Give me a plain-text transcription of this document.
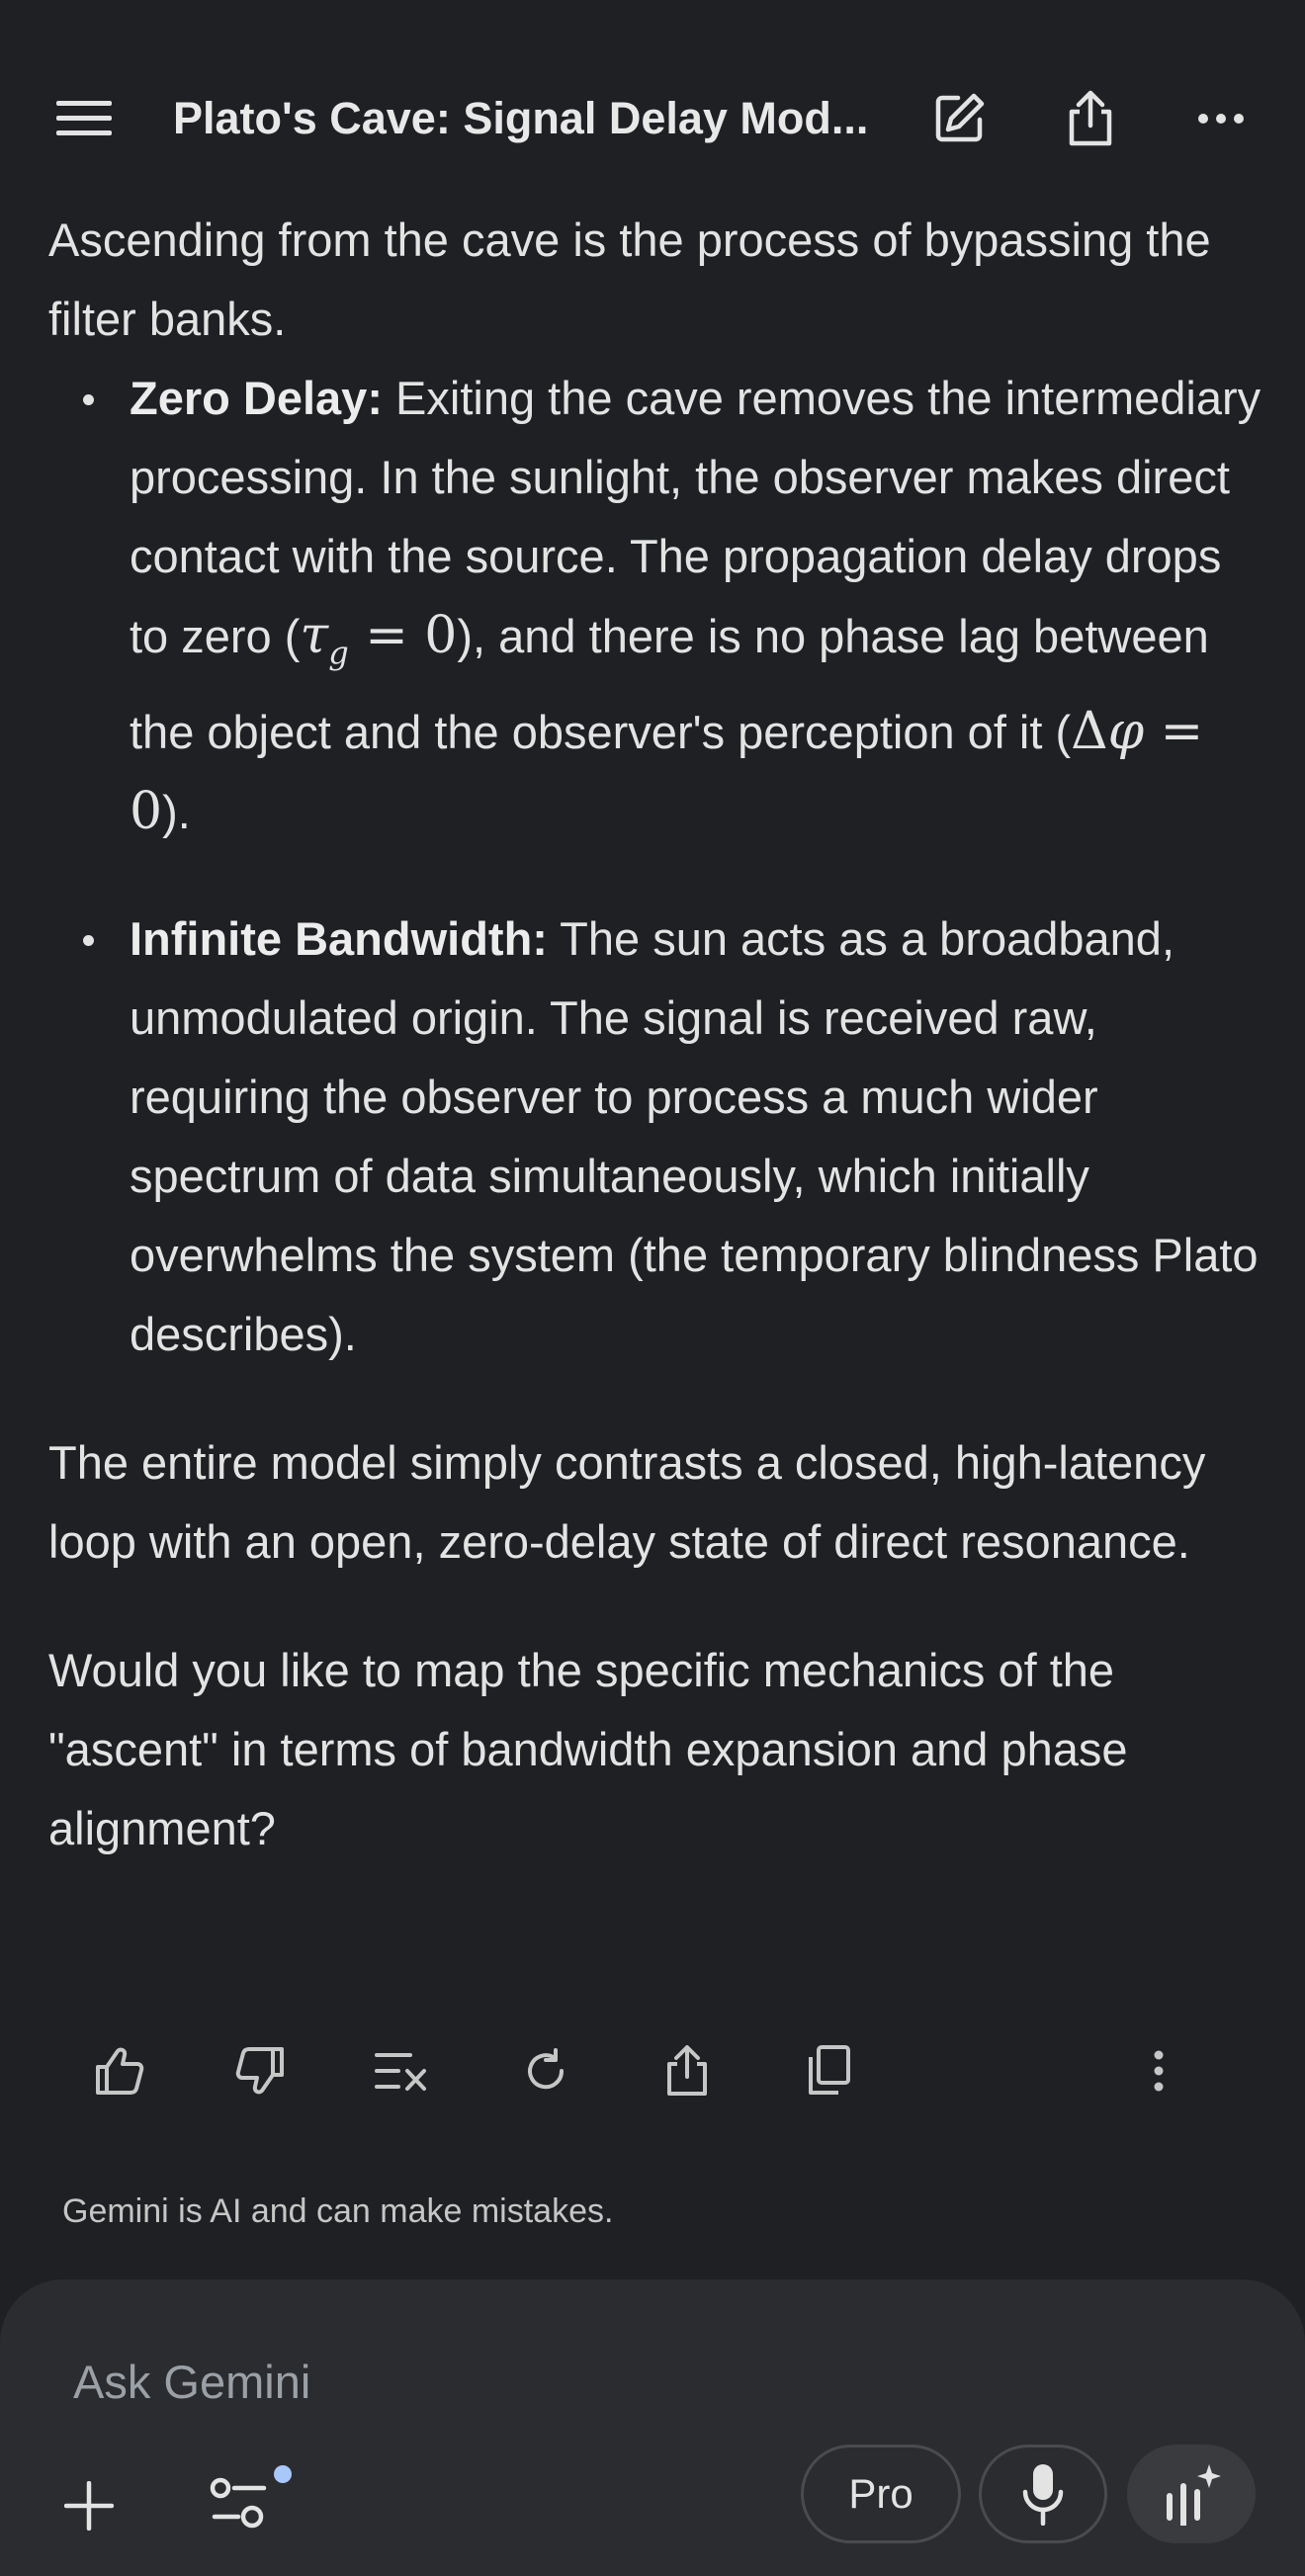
Plato's Cave: Signal Delay Mod...

Ascending from the cave is the process of bypassing the filter banks.

Zero Delay: Exiting the cave removes the intermediary processing. In the sunlight, the observer makes direct contact with the source. The propagation delay drops to zero $(\tau_g = 0)$, and there is no phase lag between the object and the observer's perception of it (Δφ = 0).
Infinite Bandwidth: The sun acts as a broadband, unmodulated origin. The signal is received raw, requiring the observer to process a much wider spectrum of data simultaneously, which initially overwhelms the system (the temporary blindness Plato describes).

The entire model simply contrasts a closed, high-latency loop with an open, zero-delay state of direct resonance.

Would you like to map the specific mechanics of the "ascent" in terms of bandwidth expansion and phase alignment?

Gemini is AI and can make mistakes.
Ask Gemini
Pro
